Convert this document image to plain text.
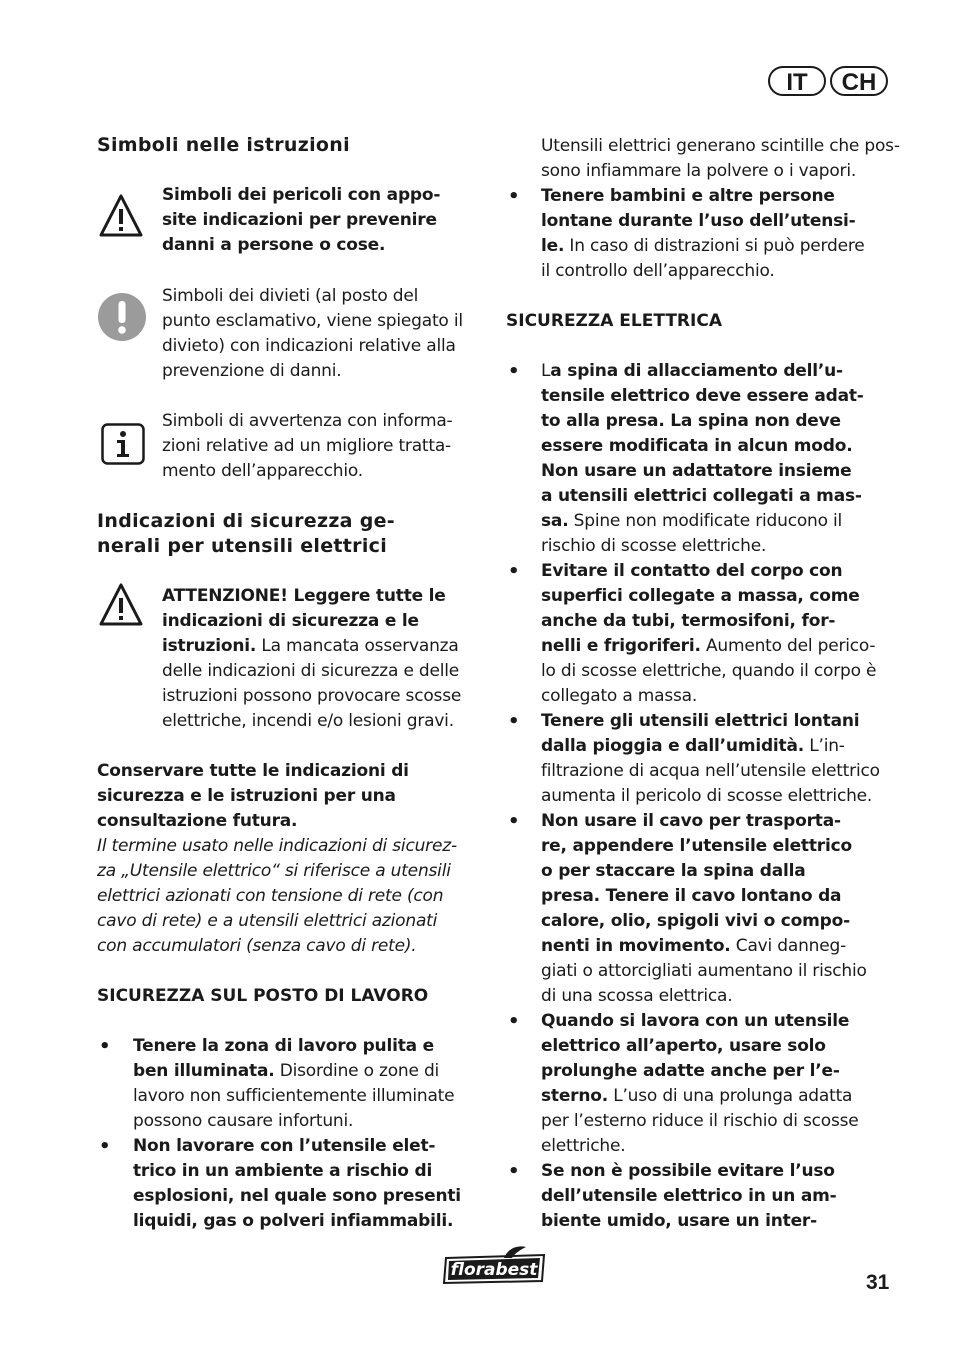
IT	CH
Simboli nelle istruzioni
Simboli dei pericoli con appo-
site indicazioni per prevenire
danni a persone o cose.
Simboli dei divieti (al posto del
punto esclamativo, viene spiegato il
divieto) con indicazioni relative alla
prevenzione di danni.
Simboli di avvertenza con informa-
zioni relative ad un migliore tratta-
mento dell’apparecchio.
Indicazioni di sicurezza ge-
nerali per utensili elettrici
ATTENZIONE! Leggere tutte le
indicazioni di sicurezza e le
istruzioni. La mancata osservanza
delle indicazioni di sicurezza e delle
istruzioni possono provocare scosse
elettriche, incendi e/o lesioni gravi.
Conservare tutte le indicazioni di
sicurezza e le istruzioni per una
consultazione futura.
Il termine usato nelle indicazioni di sicurez-
za „Utensile elettrico“ si riferisce a utensili
elettrici azionati con tensione di rete (con
cavo di rete) e a utensili elettrici azionati
con accumulatori (senza cavo di rete).
SICUREZZA SUL POSTO DI LAVORO
• Tenere la zona di lavoro pulita e
ben illuminata. Disordine o zone di
lavoro non sufficientemente illuminate
possono causare infortuni.
• Non lavorare con l’utensile elet-
trico in un ambiente a rischio di
esplosioni, nel quale sono presenti
liquidi, gas o polveri infiammabili.
Utensili elettrici generano scintille che pos-
sono infiammare la polvere o i vapori.
• Tenere bambini e altre persone
lontane durante l’uso dell’utensi-
le. In caso di distrazioni si può perdere
il controllo dell’apparecchio.
SICUREZZA ELETTRICA
• La spina di allacciamento dell’u-
tensile elettrico deve essere adat-
to alla presa. La spina non deve
essere modificata in alcun modo.
Non usare un adattatore insieme
a utensili elettrici collegati a mas-
sa. Spine non modificate riducono il
rischio di scosse elettriche.
• Evitare il contatto del corpo con
superfici collegate a massa, come
anche da tubi, termosifoni, for-
nelli e frigoriferi. Aumento del perico-
lo di scosse elettriche, quando il corpo è
collegato a massa.
• Tenere gli utensili elettrici lontani
dalla pioggia e dall’umidità. L’in-
filtrazione di acqua nell’utensile elettrico
aumenta il pericolo di scosse elettriche.
• Non usare il cavo per trasporta-
re, appendere l’utensile elettrico
o per staccare la spina dalla
presa. Tenere il cavo lontano da
calore, olio, spigoli vivi o compo-
nenti in movimento. Cavi danneg-
giati o attorcigliati aumentano il rischio
di una scossa elettrica.
• Quando si lavora con un utensile
elettrico all’aperto, usare solo
prolunghe adatte anche per l’e-
sterno. L’uso di una prolunga adatta
per l’esterno riduce il rischio di scosse
elettriche.
• Se non è possibile evitare l’uso
dell’utensile elettrico in un am-
biente umido, usare un inter-
florabest
31
